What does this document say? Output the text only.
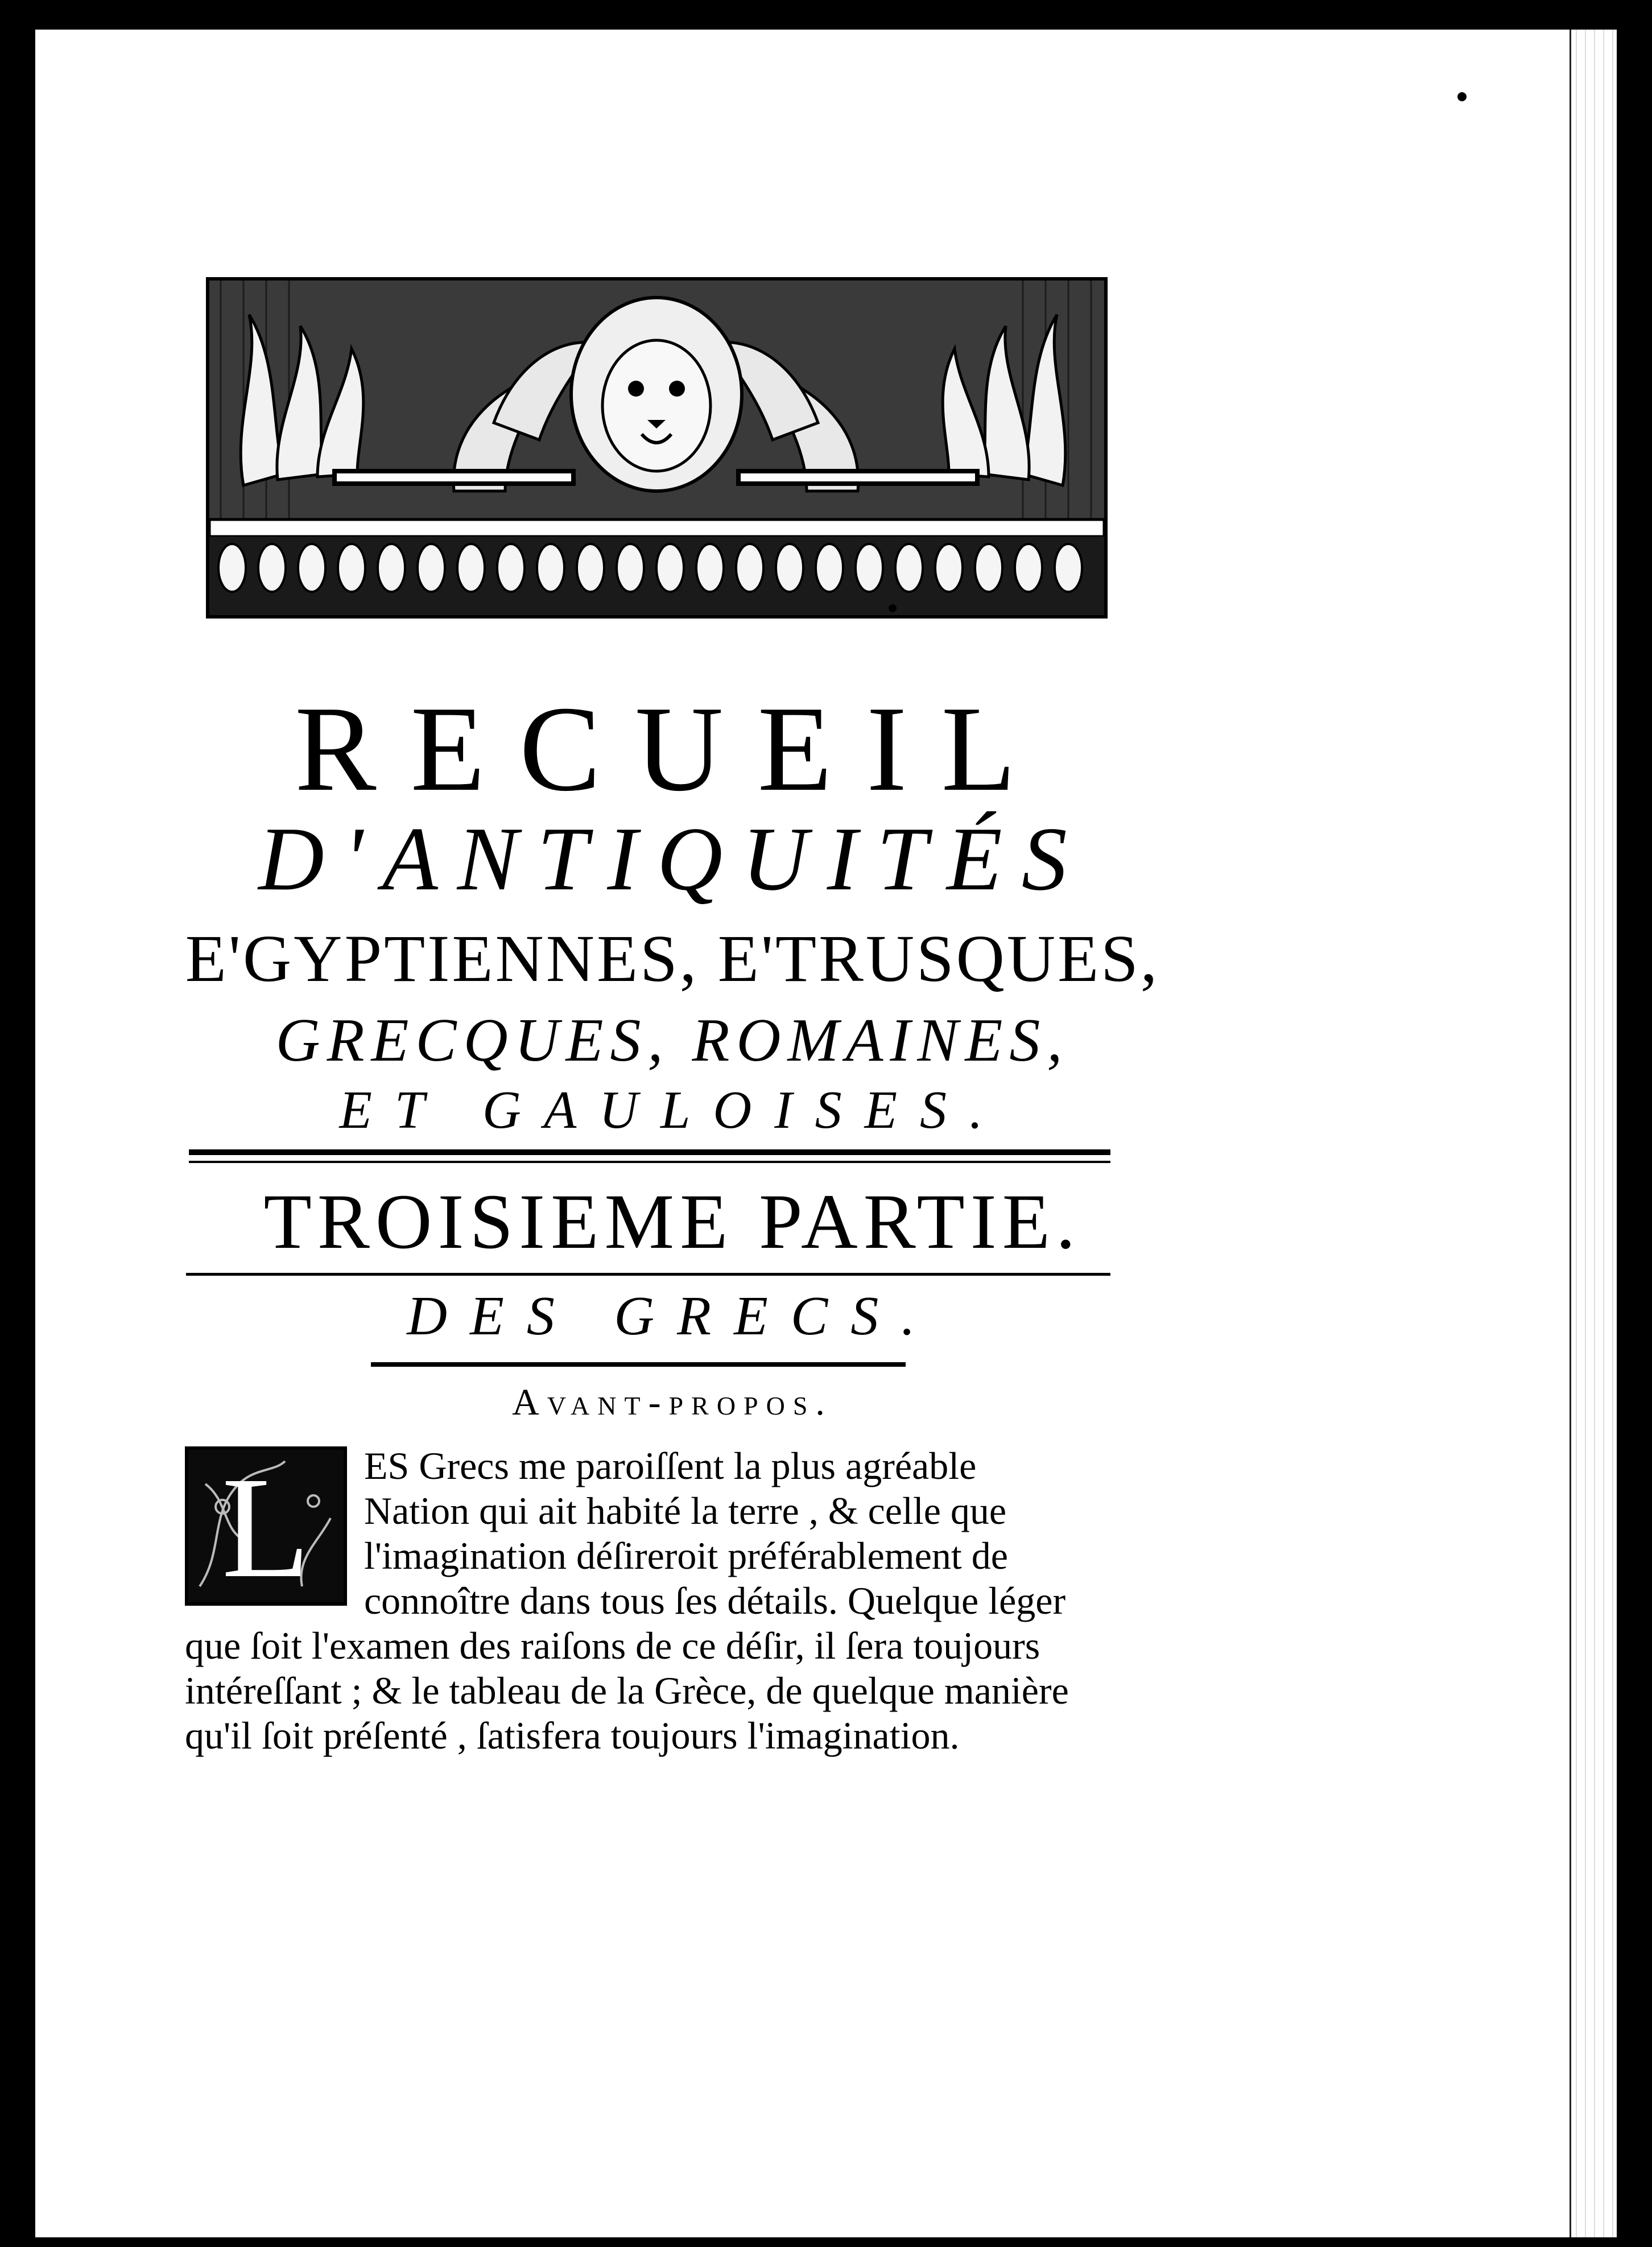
RECUEIL
D'ANTIQUITÉS
E'GYPTIENNES, E'TRUSQUES,
GRECQUES, ROMAINES,
ET GAULOISES.
TROISIEME PARTIE.
DES GRECS.
Avant-propos.
L	ES Grecs me paroiſſent la plus agréable
Nation qui ait habité la terre , & celle que
l'imagination déſireroit préférablement de
connoître dans tous ſes détails. Quelque léger
que ſoit l'examen des raiſons de ce déſir, il ſera toujours
intéreſſant ; & le tableau de la Grèce, de quelque manière
qu'il ſoit préſenté , ſatisfera toujours l'imagination.
